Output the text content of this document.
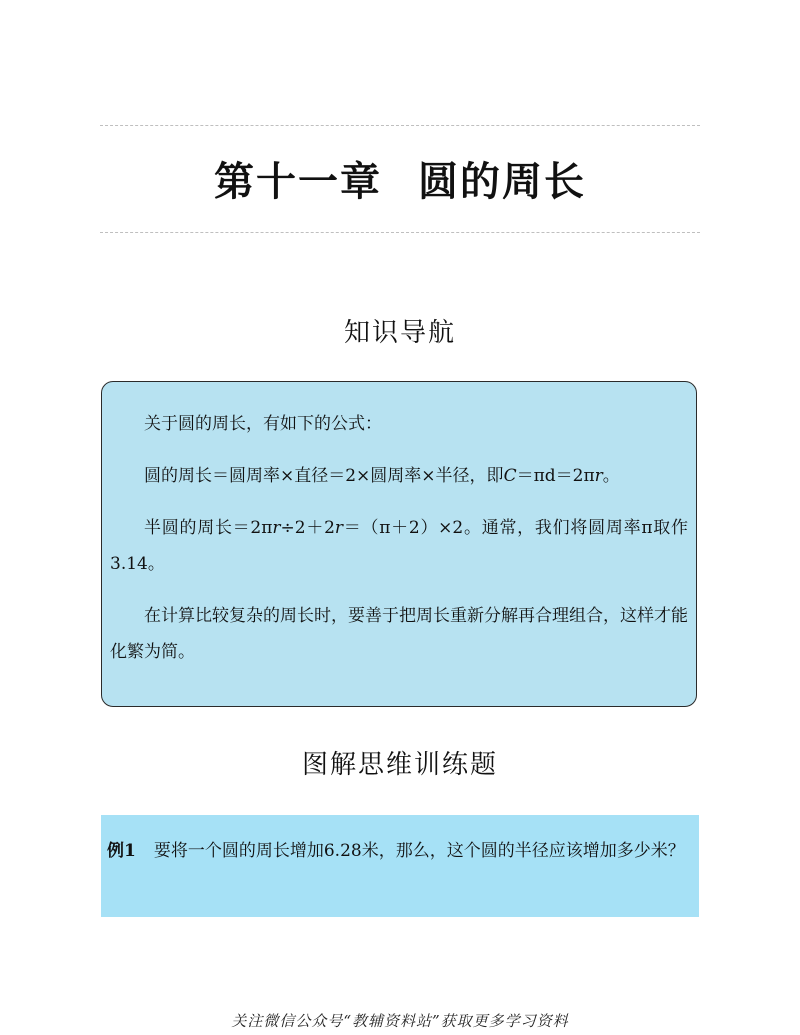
第十一章 圆的周长
知识导航

关于圆的周长，有如下的公式：

圆的周长＝圆周率×直径＝2×圆周率×半径，即C＝πd＝2πr。

半圆的周长＝2πr÷2＋2r＝（π＋2）×2。通常，我们将圆周率π取作3.14。

在计算比较复杂的周长时，要善于把周长重新分解再合理组合，这样才能化繁为简。

图解思维训练题
例1 要将一个圆的周长增加6.28米，那么，这个圆的半径应该增加多少米？
关注微信公众号“教辅资料站”获取更多学习资料
